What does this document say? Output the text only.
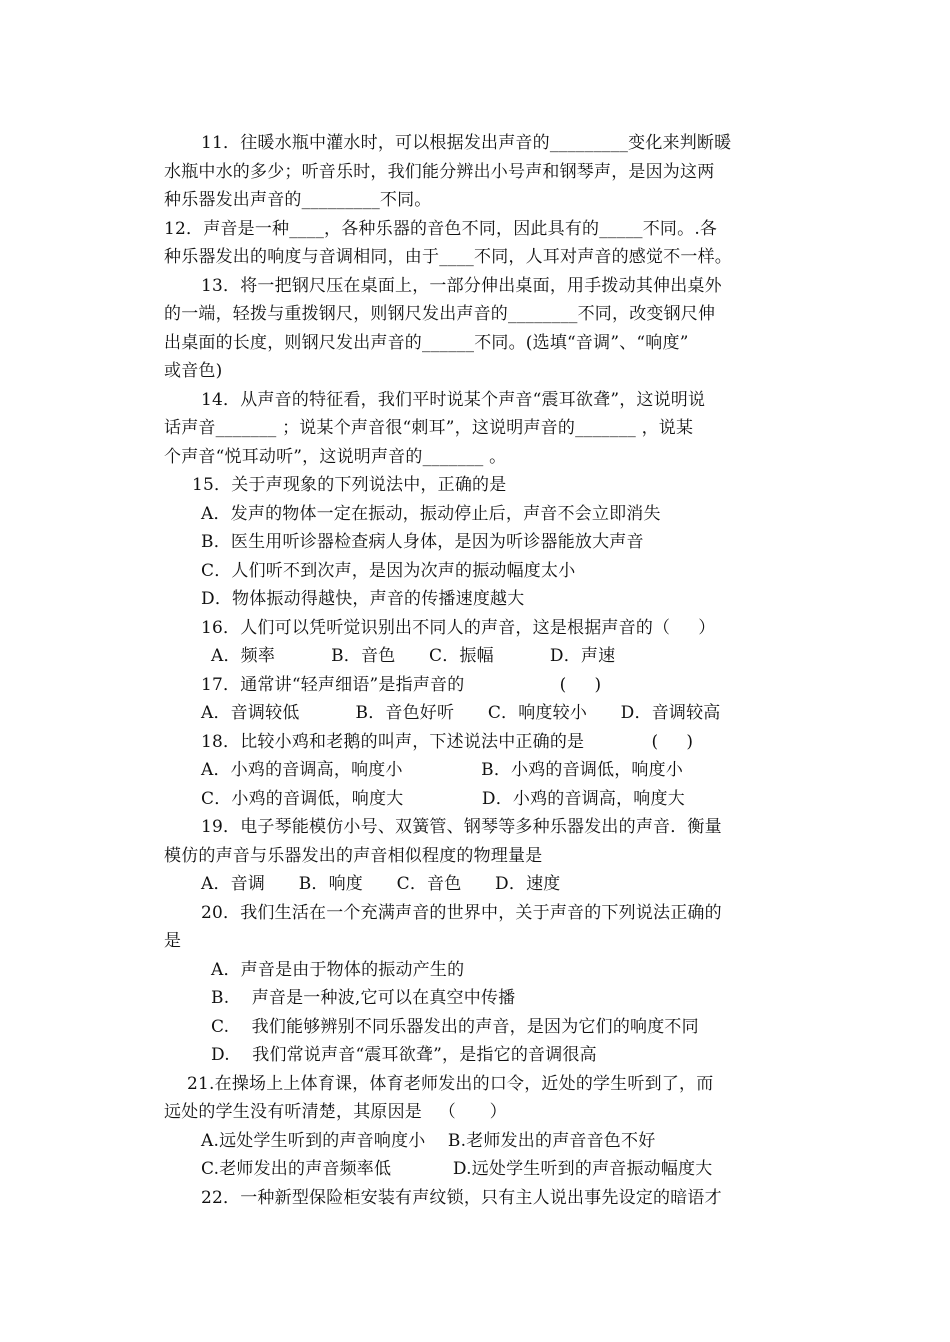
11．往暖水瓶中灌水时，可以根据发出声音的_________变化来判断暖
水瓶中水的多少；听音乐时，我们能分辨出小号声和钢琴声，是因为这两
种乐器发出声音的_________不同。
12．声音是一种____，各种乐器的音色不同，因此具有的_____不同。.各
种乐器发出的响度与音调相同，由于____不同，人耳对声音的感觉不一样。
13．将一把钢尺压在桌面上，一部分伸出桌面，用手拨动其伸出桌外
的一端，轻拨与重拨钢尺，则钢尺发出声音的________不同，改变钢尺伸
出桌面的长度，则钢尺发出声音的______不同。(选填“音调”、“响度”
或音色)
14．从声音的特征看，我们平时说某个声音“震耳欲聋”，这说明说
话声音_______ ；说某个声音很“刺耳”，这说明声音的_______ ，说某
个声音“悦耳动听”，这说明声音的_______ 。
15．关于声现象的下列说法中，正确的是
A．发声的物体一定在振动，振动停止后，声音不会立即消失
B．医生用听诊器检查病人身体，是因为听诊器能放大声音
C．人们听不到次声，是因为次声的振动幅度太小
D．物体振动得越快，声音的传播速度越大
16．人们可以凭听觉识别出不同人的声音，这是根据声音的（     ）
A．频率          B．音色      C．振幅          D．声速
17．通常讲“轻声细语”是指声音的                 (     )
A．音调较低          B．音色好听      C．响度较小      D．音调较高
18．比较小鸡和老鹅的叫声，下述说法中正确的是            (     )
A．小鸡的音调高，响度小              B．小鸡的音调低，响度小
C．小鸡的音调低，响度大              D．小鸡的音调高，响度大
19．电子琴能模仿小号、双簧管、钢琴等多种乐器发出的声音．衡量
模仿的声音与乐器发出的声音相似程度的物理量是
A．音调      B．响度      C．音色      D．速度
20．我们生活在一个充满声音的世界中，关于声音的下列说法正确的
是
A．声音是由于物体的振动产生的
B.    声音是一种波,它可以在真空中传播
C.    我们能够辨别不同乐器发出的声音，是因为它们的响度不同
D.    我们常说声音“震耳欲聋”，是指它的音调很高
21.在操场上上体育课，体育老师发出的口令，近处的学生听到了，而
远处的学生没有听清楚，其原因是   （      ）
A.远处学生听到的声音响度小    B.老师发出的声音音色不好
C.老师发出的声音频率低           D.远处学生听到的声音振动幅度大
22．一种新型保险柜安装有声纹锁，只有主人说出事先设定的暗语才
